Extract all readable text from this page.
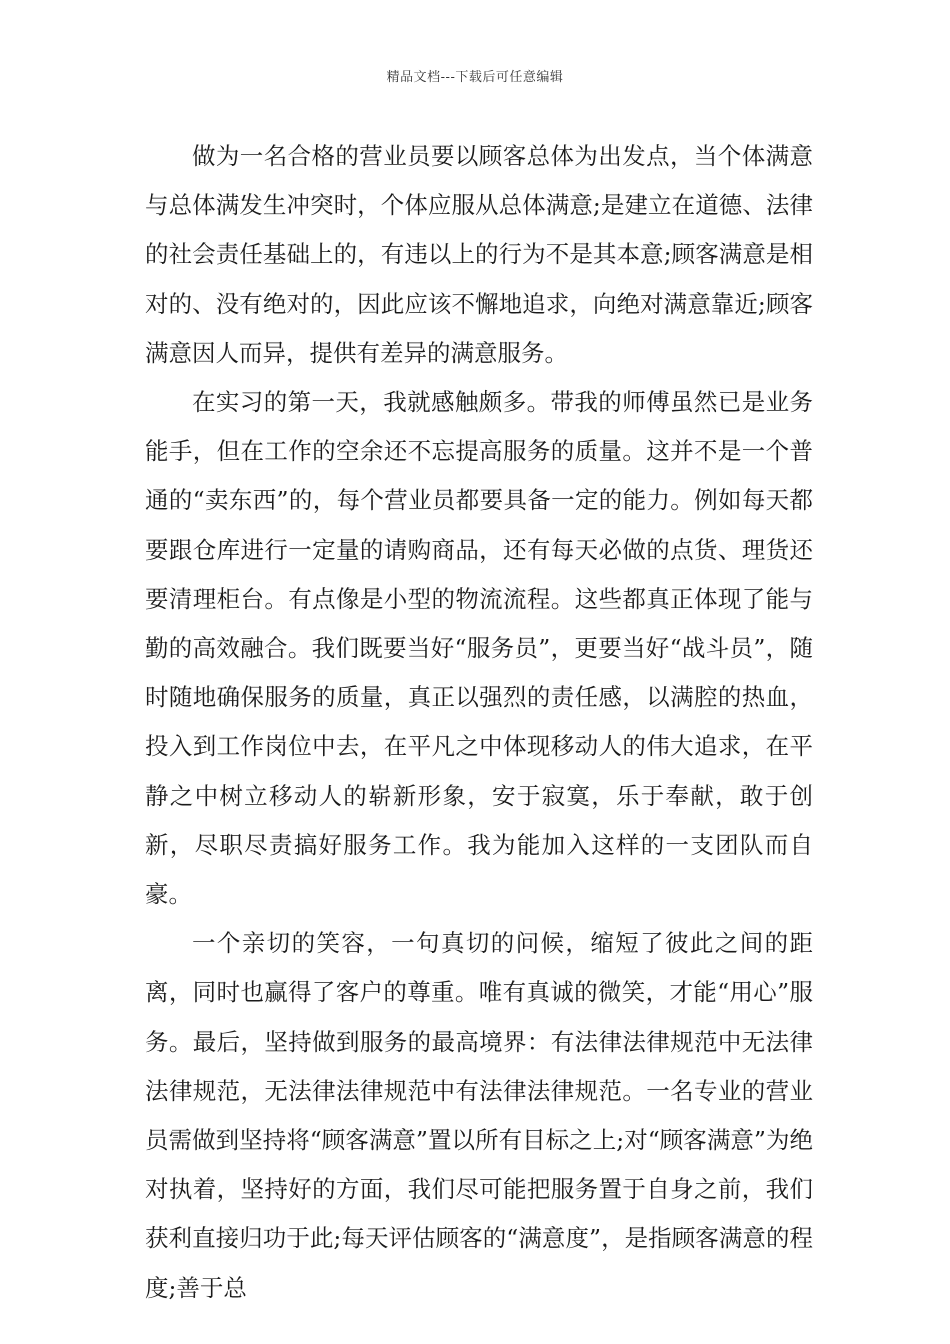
精品文档---下载后可任意编辑

做为一名合格的营业员要以顾客总体为出发点，当个体满意与总体满发生冲突时，个体应服从总体满意;是建立在道德、法律的社会责任基础上的，有违以上的行为不是其本意;顾客满意是相对的、没有绝对的，因此应该不懈地追求，向绝对满意靠近;顾客满意因人而异，提供有差异的满意服务。

在实习的第一天，我就感触颇多。带我的师傅虽然已是业务能手，但在工作的空余还不忘提高服务的质量。这并不是一个普通的“卖东西”的，每个营业员都要具备一定的能力。例如每天都要跟仓库进行一定量的请购商品，还有每天必做的点货、理货还要清理柜台。有点像是小型的物流流程。这些都真正体现了能与勤的高效融合。我们既要当好“服务员”，更要当好“战斗员”，随时随地确保服务的质量，真正以强烈的责任感，以满腔的热血，投入到工作岗位中去，在平凡之中体现移动人的伟大追求，在平静之中树立移动人的崭新形象，安于寂寞，乐于奉献，敢于创新，尽职尽责搞好服务工作。我为能加入这样的一支团队而自豪。

一个亲切的笑容，一句真切的问候，缩短了彼此之间的距离，同时也赢得了客户的尊重。唯有真诚的微笑，才能“用心”服务。最后，坚持做到服务的最高境界：有法律法律规范中无法律法律规范，无法律法律规范中有法律法律规范。一名专业的营业员需做到坚持将“顾客满意”置以所有目标之上;对“顾客满意”为绝对执着，坚持好的方面，我们尽可能把服务置于自身之前，我们获利直接归功于此;每天评估顾客的“满意度”，是指顾客满意的程度;善于总
